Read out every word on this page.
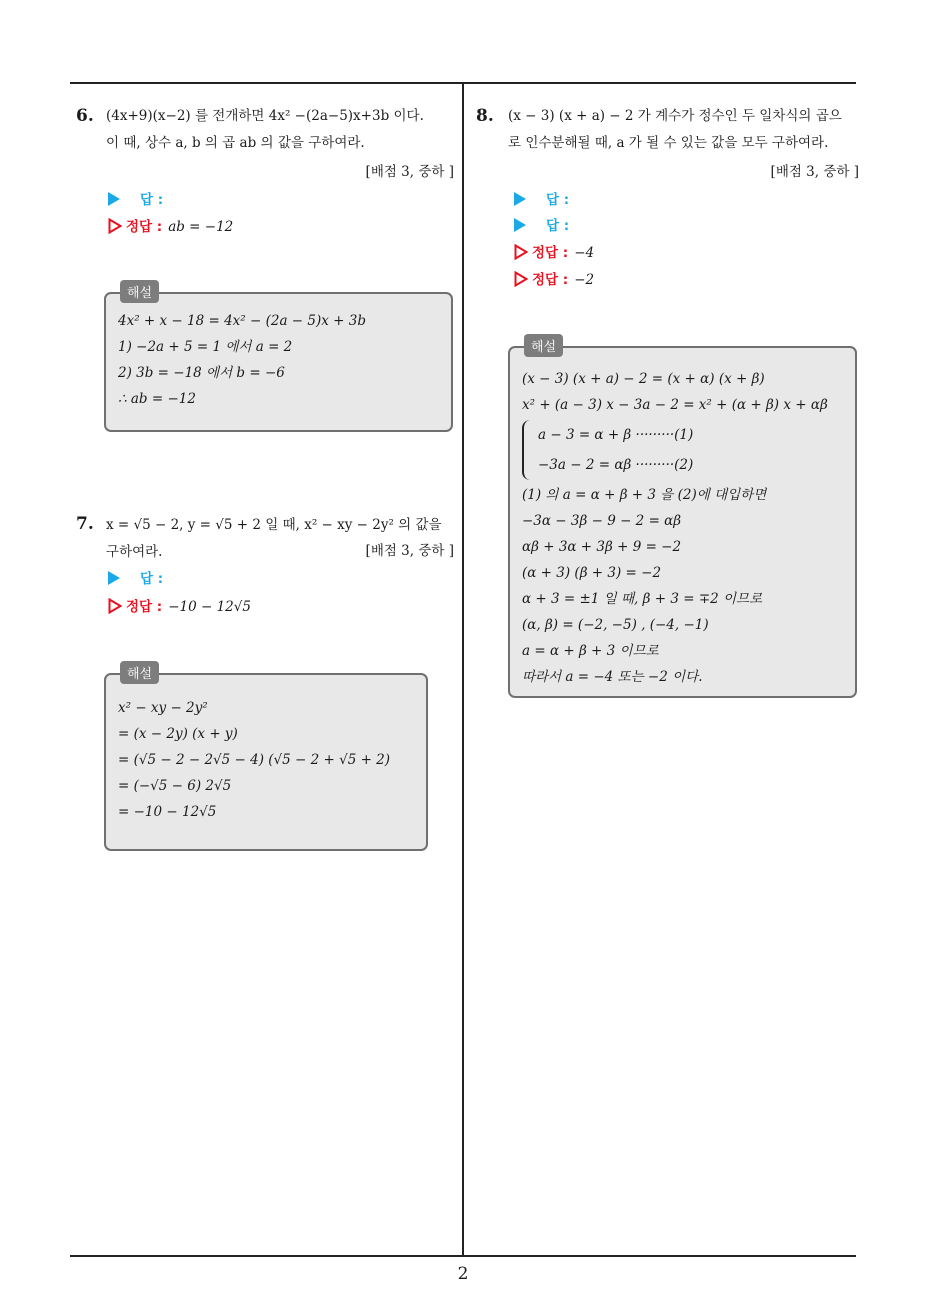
6. (4x+9)(x−2) 를 전개하면 4x² −(2a−5)x+3b 이다.
이 때, 상수 a, b 의 곱 ab 의 값을 구하여라.
[배점 3, 중하 ]
답 :
정답 : ab = −12
해설
4x² + x − 18 = 4x² − (2a − 5)x + 3b
1) −2a + 5 = 1 에서 a = 2
2) 3b = −18 에서 b = −6
∴ ab = −12
7. x = √5 − 2, y = √5 + 2 일 때, x² − xy − 2y² 의 값을
구하여라.	[배점 3, 중하 ]
답 :
정답 : −10 − 12√5
해설
x² − xy − 2y²
= (x − 2y) (x + y)
= (√5 − 2 − 2√5 − 4) (√5 − 2 + √5 + 2)
= (−√5 − 6) 2√5
= −10 − 12√5
8. (x − 3) (x + a) − 2 가 계수가 정수인 두 일차식의 곱으
로 인수분해될 때, a 가 될 수 있는 값을 모두 구하여라.
[배점 3, 중하 ]
답 :
답 :
정답 : −4
정답 : −2
해설
(x − 3) (x + a) − 2 = (x + α) (x + β)
x² + (a − 3) x − 3a − 2 = x² + (α + β) x + αβ
a − 3 = α + β ·········(1)
−3a − 2 = αβ ·········(2)
(1) 의 a = α + β + 3 을 (2)에 대입하면
−3α − 3β − 9 − 2 = αβ
αβ + 3α + 3β + 9 = −2
(α + 3) (β + 3) = −2
α + 3 = ±1 일 때, β + 3 = ∓2 이므로
(α, β) = (−2, −5) , (−4, −1)
a = α + β + 3 이므로
따라서 a = −4 또는 −2 이다.
2
